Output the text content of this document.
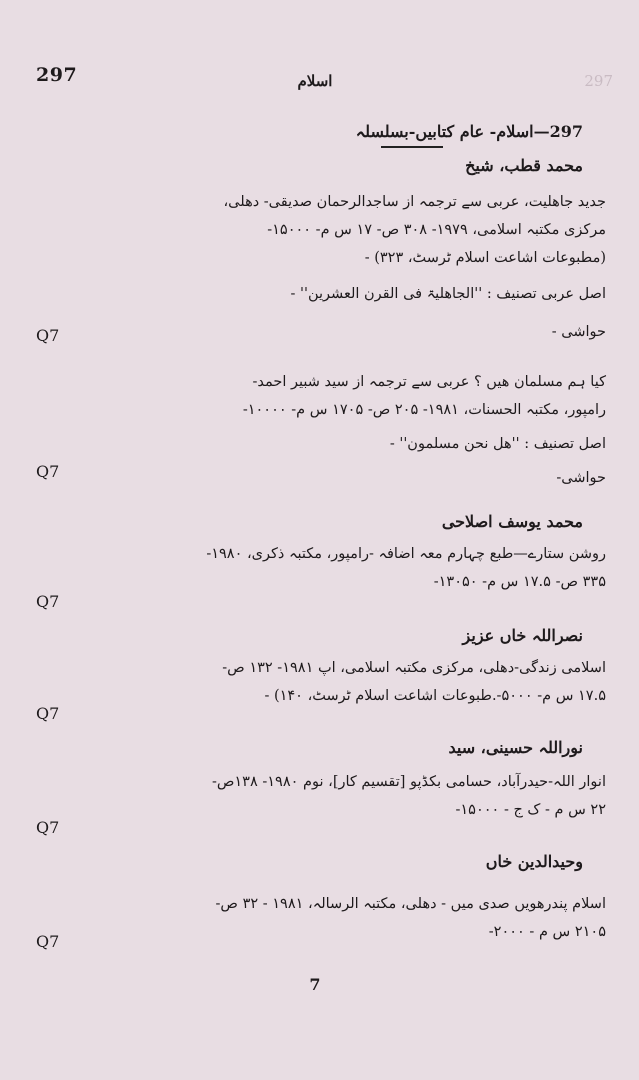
297	اسلام	297
297—اسلام- عام کتابیں-بسلسلہ
محمد قطب، شیخ

جدید جاھلیت، عربی سے ترجمہ از ساجدالرحمان صدیقی- دھلی،

مرکزی مکتبہ اسلامی، ۱۹۷۹- ۳۰۸ ص- ۱۷ س م- ۱۵۰۰۰-

(مطبوعات اشاعت اسلام ٹرسٹ، ۳۲۳) -

اصل عربی تصنیف : ''الجاھلیۃ فی القرن العشرین'' -

حواشی -

Q7

کیا ہم مسلمان ھیں ؟ عربی سے ترجمہ از سید شبیر احمد-

رامپور، مکتبہ الحسنات، ۱۹۸۱- ۲۰۵ ص- ۱۷۰۵ س م- ۱۰۰۰۰-

اصل تصنیف : ''ھل نحن مسلمون'' -

حواشی-

Q7
محمد یوسف اصلاحی

روشن ستارے—طبع چہارم معہ اضافہ -رامپور، مکتبہ ذکری، ۱۹۸۰-

۳۳۵ ص- ۱۷.۵ س م- ۱۳۰۵۰-

Q7
نصراللہ خاں عزیز

اسلامی زندگی-دھلی، مرکزی مکتبہ اسلامی، اپ ۱۹۸۱- ۱۳۲ ص-

۱۷.۵ س م- ۵۰۰۰-.طبوعات اشاعت اسلام ٹرسٹ، ۱۴۰) -

Q7
نوراللہ حسینی، سید

انوار اللہ-حیدرآباد، حسامی بکڈپو [تقسیم کار]، نوم ۱۹۸۰- ۱۳۸ص-

۲۲ س م - ک ج - ۱۵۰۰۰-

Q7
وحیدالدین خاں

اسلام پندرھویں صدی میں - دھلی، مکتبہ الرسالہ، ۱۹۸۱ - ۳۲ ص-

۲۱۰۵ س م - ۲۰۰۰-

Q7
7
